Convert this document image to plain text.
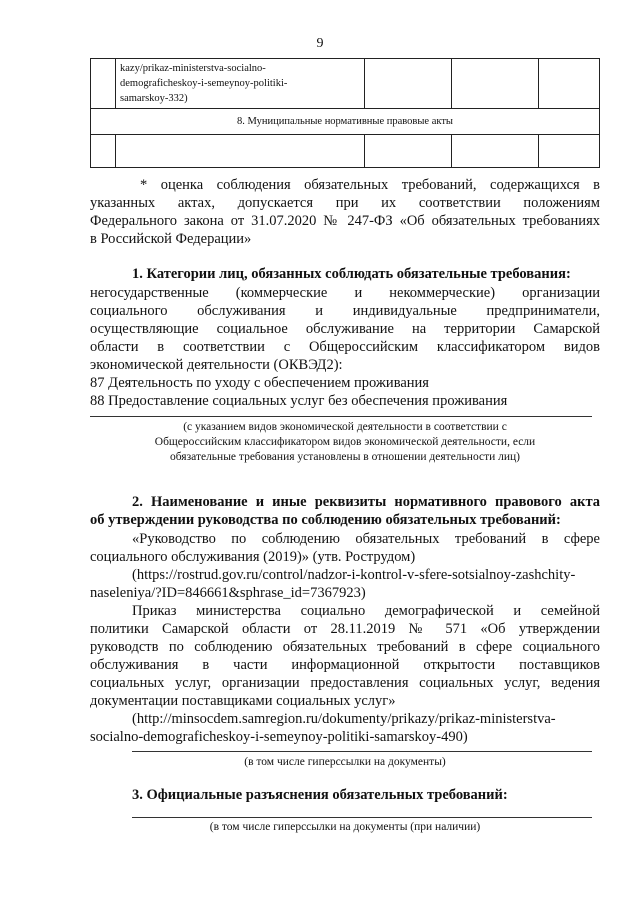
9

	kazy/prikaz-ministerstva-socialno-
demograficheskoy-i-semeynoy-politiki-
samarskoy-332)			

8. Муниципальные нормативные правовые акты				

* оценка соблюдения обязательных требований, содержащихся в
указанных актах, допускается при их соответствии положениям
Федерального закона от 31.07.2020 № 247-ФЗ «Об обязательных требованиях
в Российской Федерации»
1. Категории лиц, обязанных соблюдать обязательные требования:
негосударственные (коммерческие и некоммерческие) организации
социального обслуживания и индивидуальные предприниматели,
осуществляющие социальное обслуживание на территории Самарской
области в соответствии с Общероссийским классификатором видов
экономической деятельности (ОКВЭД2):
87 Деятельность по уходу с обеспечением проживания
88 Предоставление социальных услуг без обеспечения проживания
(с указанием видов экономической деятельности в соответствии с
Общероссийским классификатором видов экономической деятельности, если
обязательные требования установлены в отношении деятельности лиц)
2. Наименование и иные реквизиты нормативного правового акта
об утверждении руководства по соблюдению обязательных требований:
«Руководство по соблюдению обязательных требований в сфере
социального обслуживания (2019)» (утв. Рострудом)
(https://rostrud.gov.ru/control/nadzor-i-kontrol-v-sfere-sotsialnoy-zashchity-
naseleniya/?ID=846661&sphrase_id=7367923)
Приказ министерства социально демографической и семейной
политики Самарской области от 28.11.2019 № 571 «Об утверждении
руководств по соблюдению обязательных требований в сфере социального
обслуживания в части информационной открытости поставщиков
социальных услуг, организации предоставления социальных услуг, ведения
документации поставщиками социальных услуг»
(http://minsocdem.samregion.ru/dokumenty/prikazy/prikaz-ministerstva-
socialno-demograficheskoy-i-semeynoy-politiki-samarskoy-490)
(в том числе гиперссылки на документы)
3. Официальные разъяснения обязательных требований:
(в том числе гиперссылки на документы (при наличии)
